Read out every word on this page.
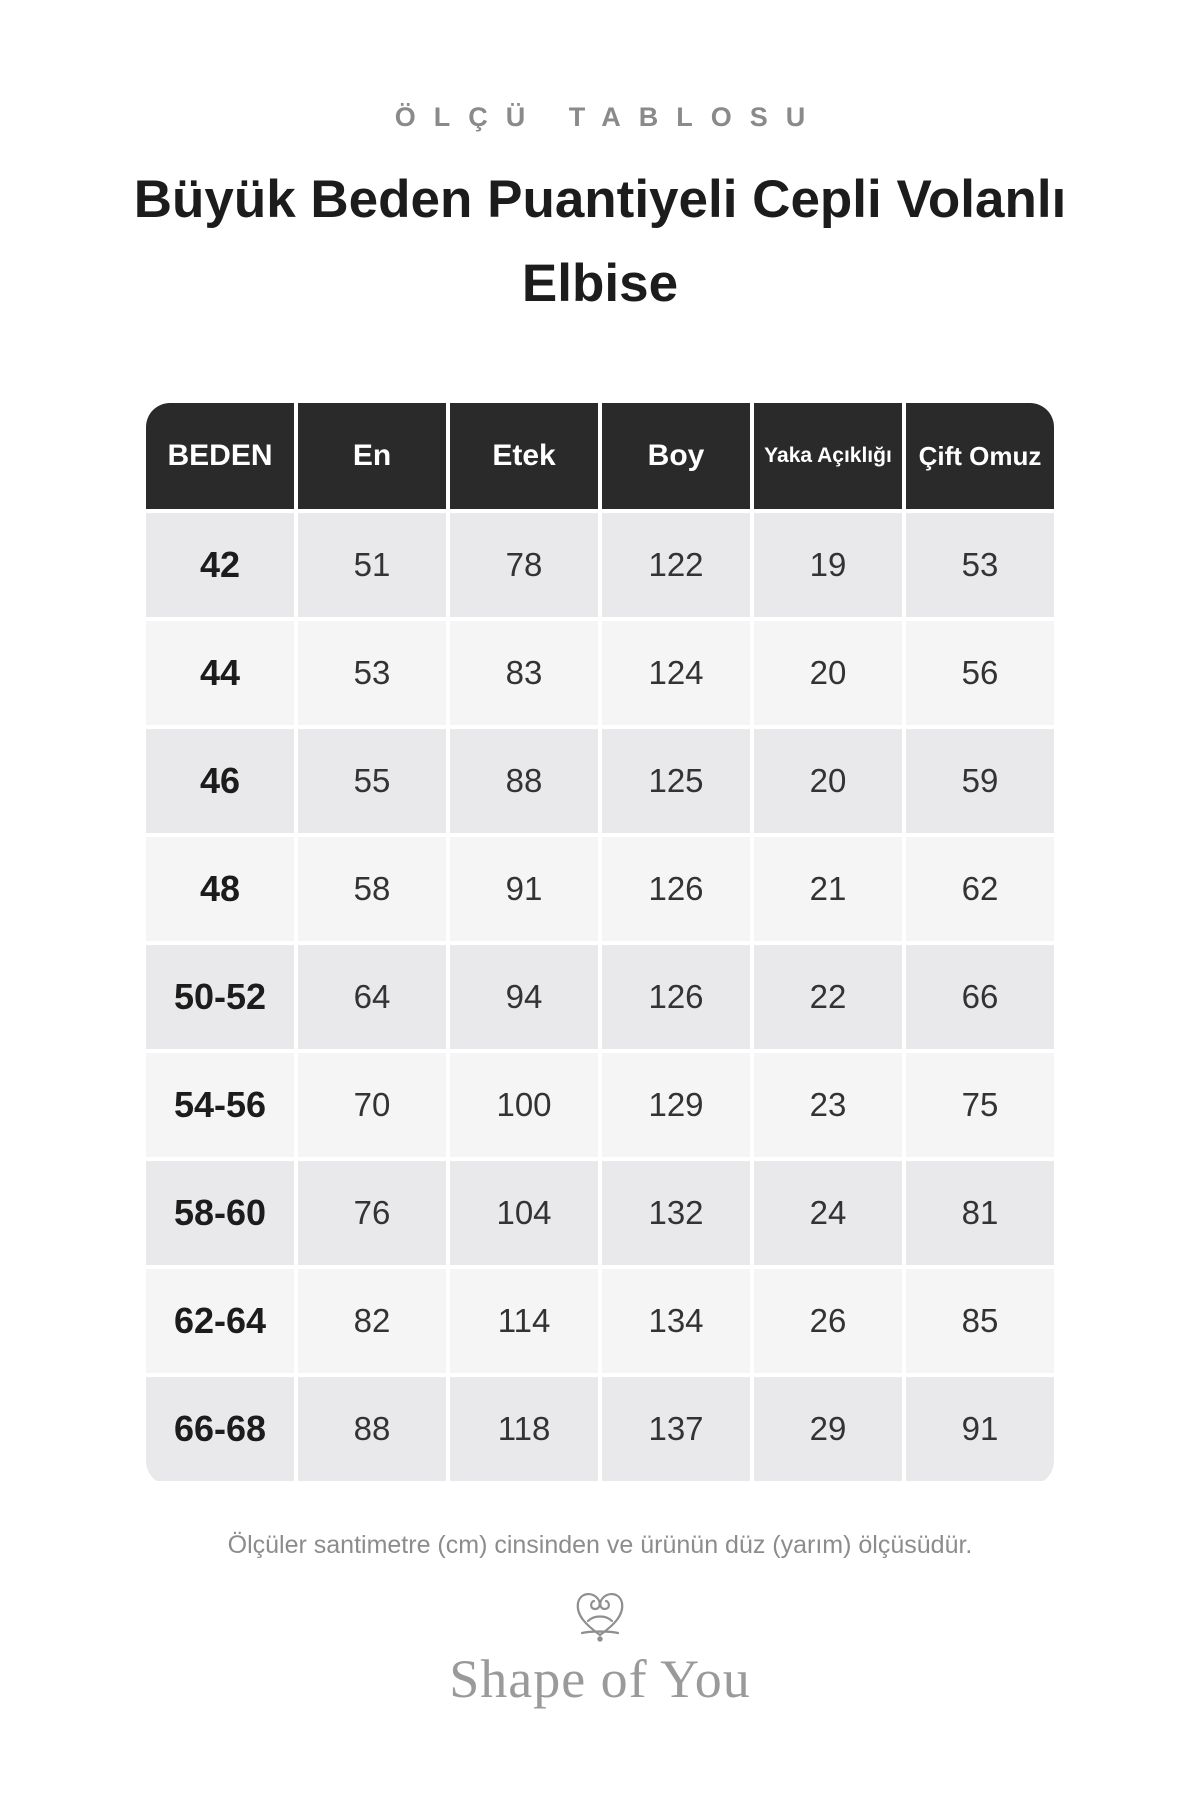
ÖLÇÜ TABLOSU
Büyük Beden Puantiyeli Cepli Volanlı Elbise
BEDEN	En	Etek	Boy	Yaka Açıklığı	Çift Omuz
42	51	78	122	19	53
44	53	83	124	20	56
46	55	88	125	20	59
48	58	91	126	21	62
50-52	64	94	126	22	66
54-56	70	100	129	23	75
58-60	76	104	132	24	81
62-64	82	114	134	26	85
66-68	88	118	137	29	91
Ölçüler santimetre (cm) cinsinden ve ürünün düz (yarım) ölçüsüdür.
Shape of You
